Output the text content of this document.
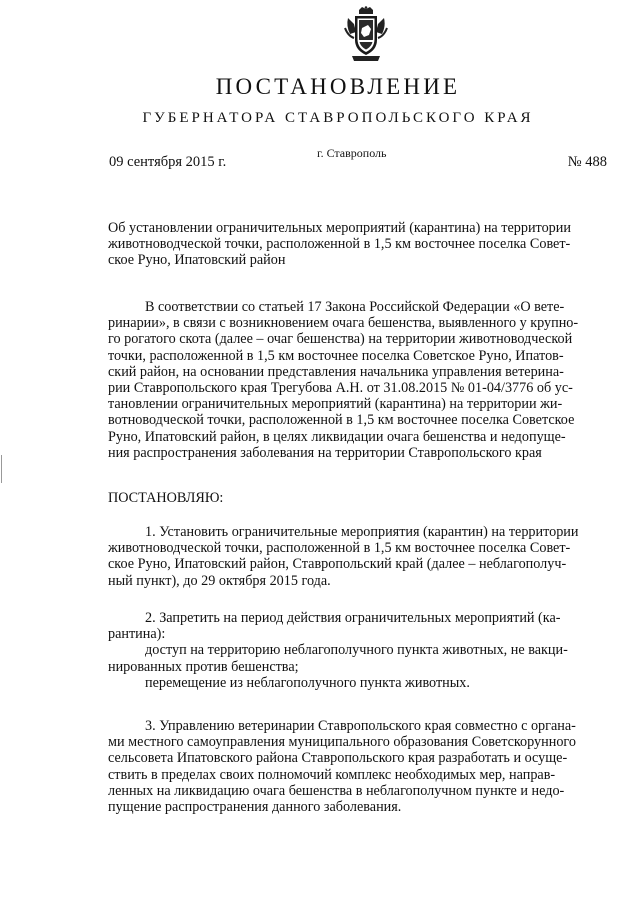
ПОСТАНОВЛЕНИЕ
ГУБЕРНАТОРА СТАВРОПОЛЬСКОГО КРАЯ
09 сентября 2015 г.
г. Ставрополь
№ 488
Об установлении ограничительных мероприятий (карантина) на территории
животноводческой точки, расположенной в 1,5 км восточнее поселка Совет-
ское Руно, Ипатовский район
В соответствии со статьей 17 Закона Российской Федерации «О вете-
ринарии», в связи с возникновением очага бешенства, выявленного у крупно-
го рогатого скота (далее – очаг бешенства) на территории животноводческой
точки, расположенной в 1,5 км восточнее поселка Советское Руно, Ипатов-
ский район, на основании представления начальника управления ветерина-
рии Ставропольского края Трегубова А.Н. от 31.08.2015 № 01-04/3776 об ус-
тановлении ограничительных мероприятий (карантина) на территории жи-
вотноводческой точки, расположенной в 1,5 км восточнее поселка Советское
Руно, Ипатовский район, в целях ликвидации очага бешенства и недопуще-
ния распространения заболевания на территории Ставропольского края
ПОСТАНОВЛЯЮ:
1. Установить ограничительные мероприятия (карантин) на территории
животноводческой точки, расположенной в 1,5 км восточнее поселка Совет-
ское Руно, Ипатовский район, Ставропольский край (далее – неблагополуч-
ный пункт), до 29 октября 2015 года.
2. Запретить на период действия ограничительных мероприятий (ка-
рантина):
доступ на территорию неблагополучного пункта животных, не вакци-
нированных против бешенства;
перемещение из неблагополучного пункта животных.
3. Управлению ветеринарии Ставропольского края совместно с органа-
ми местного самоуправления муниципального образования Советскорунного
сельсовета Ипатовского района Ставропольского края разработать и осуще-
ствить в пределах своих полномочий комплекс необходимых мер, направ-
ленных на ликвидацию очага бешенства в неблагополучном пункте и недо-
пущение распространения данного заболевания.
